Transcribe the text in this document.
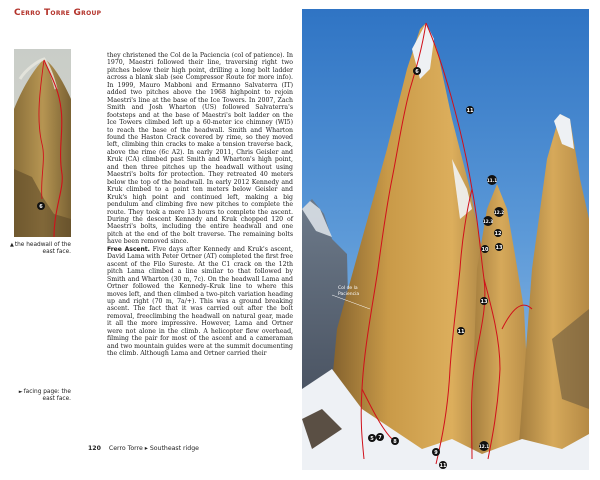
Cerro Torre Group
6
▲the headwall of the east face.
►facing page: the east face.

they christened the Col de la Paciencia (col of patience). In 1970, Maestri followed their line, traversing right two pitches below their high point, drilling a long bolt ladder across a blank slab (see Compressor Route for more info). In 1999, Mauro Mabboni and Ermanno Salvaterra (IT) added two pitches above the 1968 highpoint to rejoin Maestri's line at the base of the Ice Towers. In 2007, Zach Smith and Josh Wharton (US) followed Salvaterra's footsteps and at the base of Maestri's bolt ladder on the Ice Towers climbed left up a 60-meter ice chimney (WI5) to reach the base of the headwall. Smith and Wharton found the Haston Crack covered by rime, so they moved left, climbing thin cracks to make a tension traverse back, above the rime (6c A2). In early 2011, Chris Geisler and Kruk (CA) climbed past Smith and Wharton's high point, and then three pitches up the headwall without using Maestri's bolts for protection. They retreated 40 meters below the top of the headwall. In early 2012 Kennedy and Kruk climbed to a point ten meters below Geisler and Kruk's high point and continued left, making a big pendulum and climbing five new pitches to complete the route. They took a mere 13 hours to complete the ascent. During the descent Kennedy and Kruk chopped 120 of Maestri's bolts, including the entire headwall and one pitch at the end of the bolt traverse. The remaining bolts have been removed since.

Free Ascent. Five days after Kennedy and Kruk's ascent, David Lama with Peter Ortner (AT) completed the first free ascent of the Filo Sureste. At the C1 crack on the 12th pitch Lama climbed a line similar to that followed by Smith and Wharton (30 m, 7c). On the headwall Lama and Ortner followed the Kennedy–Kruk line to where this moves left, and then climbed a two-pitch variation heading up and right (70 m, 7a/+). This was a ground breaking ascent. The fact that it was carried out after the bolt removal, freeclimbing the headwall on natural gear, made it all the more impressive. However, Lama and Ortner were not alone in the climb. A helicopter flew overhead, filming the pair for most of the ascent and a cameraman and two mountain guides were at the summit documenting the climb. Although Lama and Ortner carried their

120 Cerro Torre ▸ Southeast ridge
Col de la
Paciencia
6
11
11.1
12.2
12.3
12
10 13
13
11
5 7
8
9
12.1
11
